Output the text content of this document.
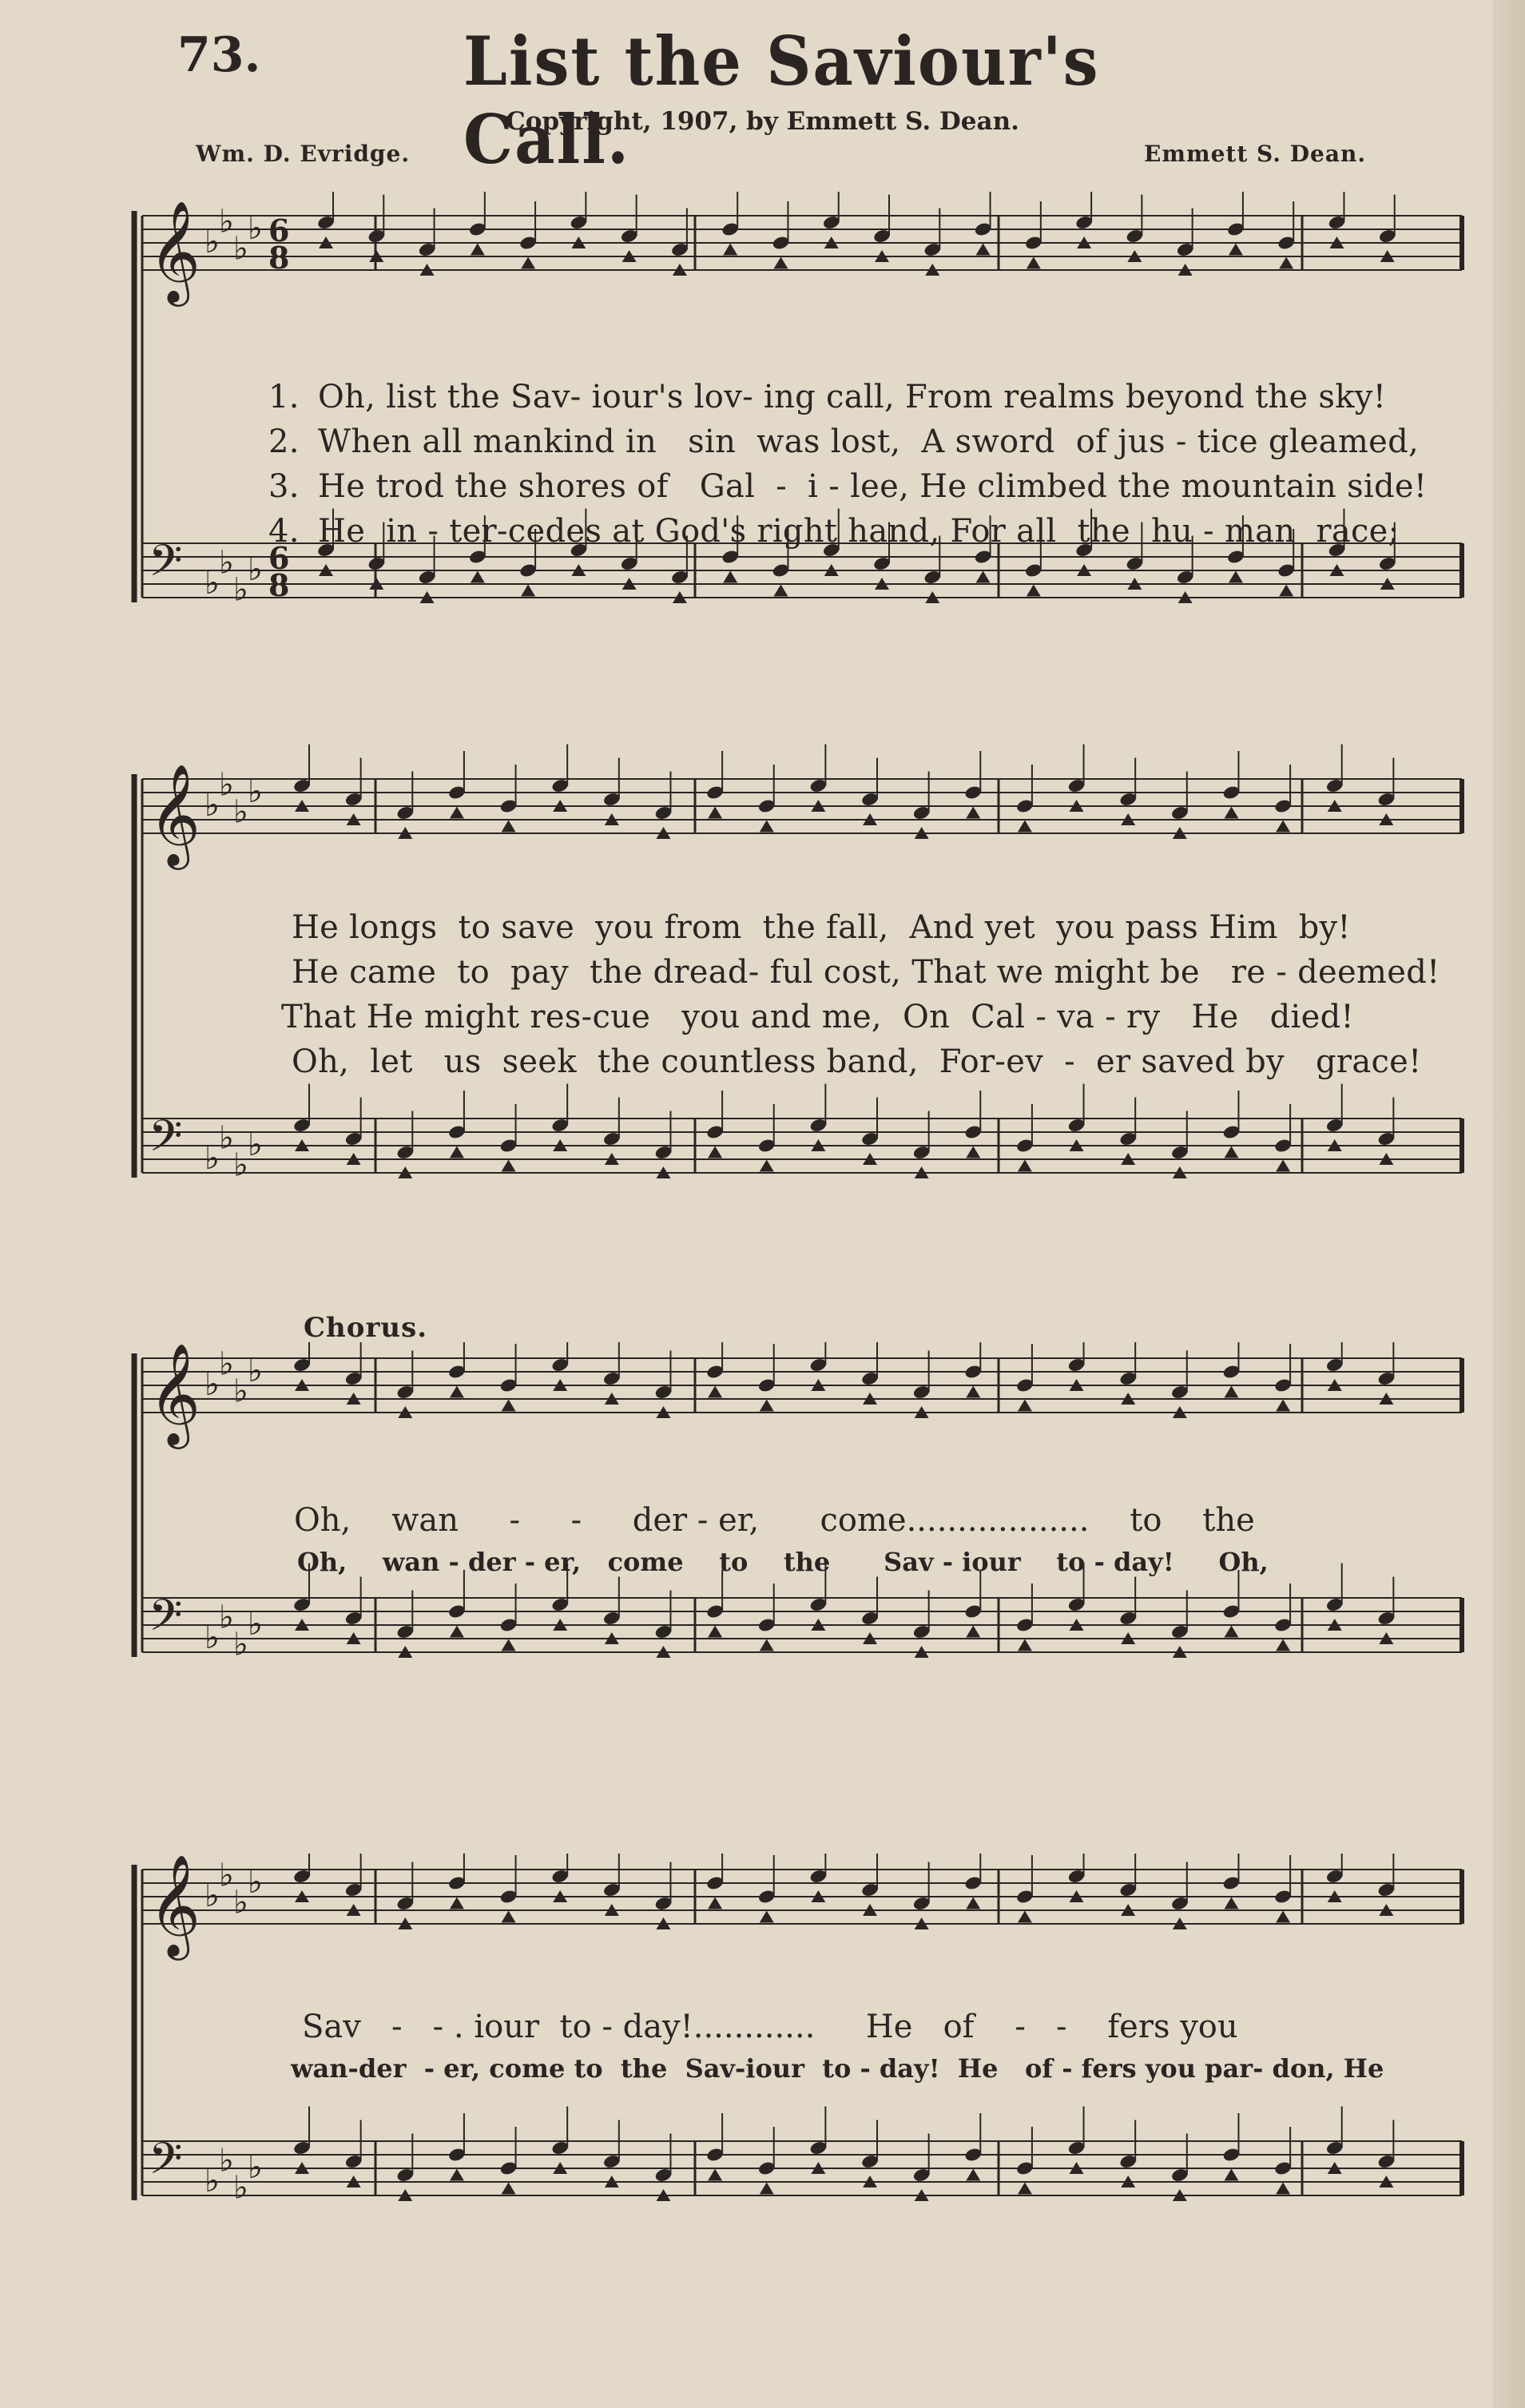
73.	List the Saviour's Call.
Copyright, 1907, by Emmett S. Dean.
Wm. D. Evridge.	Emmett S. Dean.
𝄞 ♭
♭
♭
♭ 6
8
𝄢 ♭
♭
♭
♭ 6
8

1. Oh, list the Sav- iour's lov- ing call, From realms beyond the sky!

2. When all mankind in   sin  was lost,  A sword  of jus - tice gleamed,

3. He trod the shores of   Gal  -  i - lee, He climbed the mountain side!

4. He  in - ter-cedes at God's right hand, For all  the  hu - man  race;

𝄞 ♭
♭
♭
♭
𝄢 ♭
♭
♭
♭
He longs  to save  you from  the fall,  And yet  you pass Him  by!
He came  to  pay  the dread- ful cost, That we might be   re - deemed!
That He might res-cue   you and me,  On  Cal - va - ry   He   died!
Oh,  let   us  seek  the countless band,  For-ev  -  er saved by   grace!
Chorus.
𝄞 ♭
♭
♭
♭
𝄢 ♭
♭
♭
♭
Oh,    wan     -     -     der - er,      come..................    to    the
Oh,    wan - der - er,   come    to    the      Sav - iour    to - day!     Oh,
𝄞 ♭
♭
♭
♭
𝄢 ♭
♭
♭
♭
Sav   -   - . iour  to - day!............     He   of    -   -    fers you
wan-der  - er, come to  the  Sav-iour  to - day!  He   of - fers you par- don, He
